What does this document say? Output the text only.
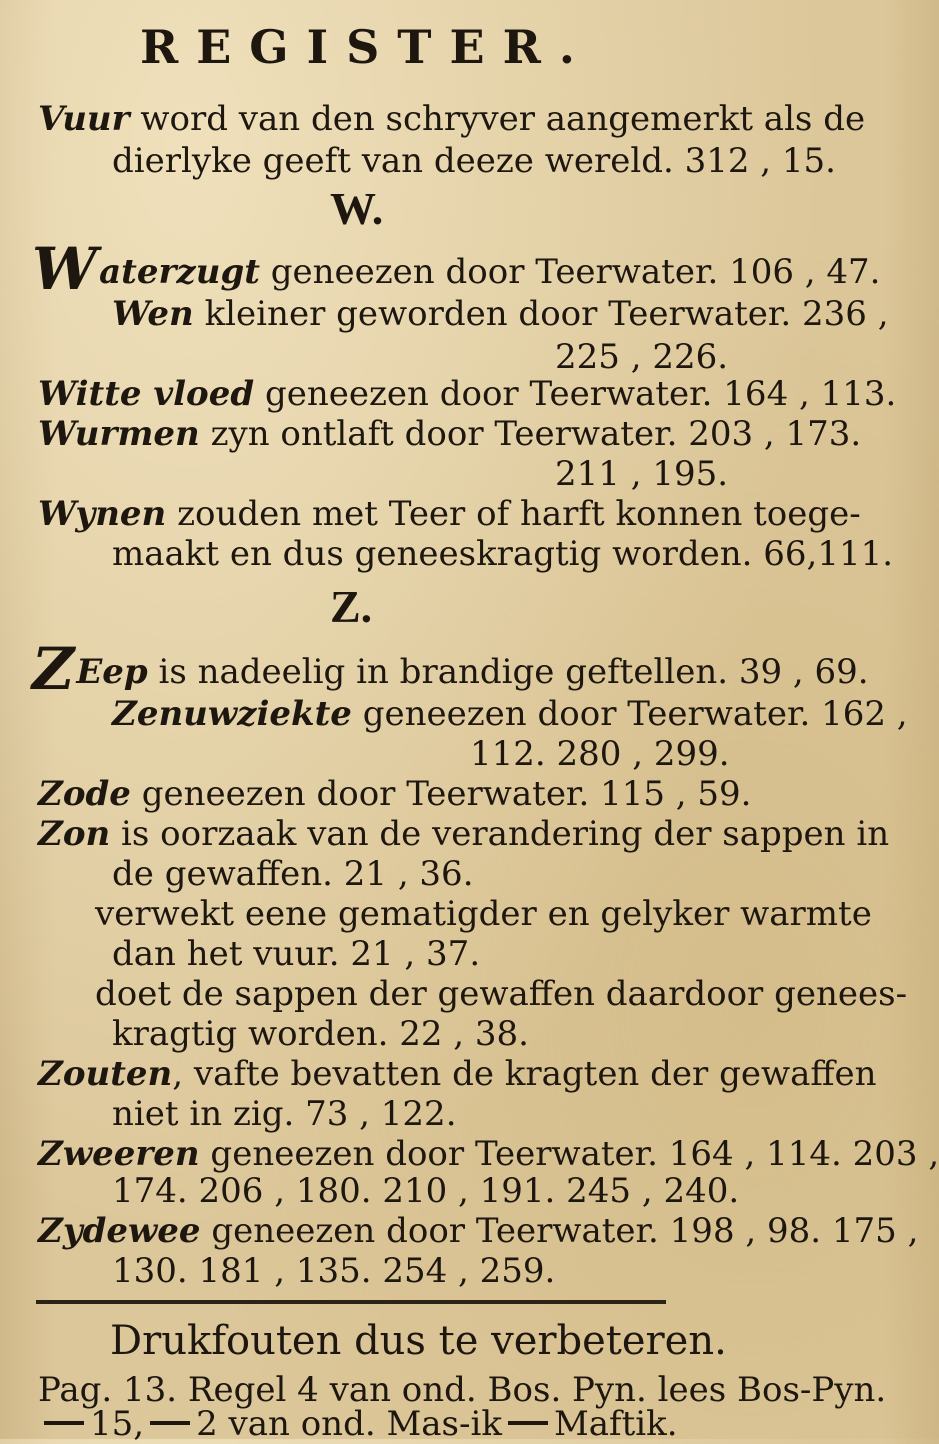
REGISTER.
Vuur word van den schryver aangemerkt als de
dierlyke geeft van deeze wereld. 312 , 15.
W.
Waterzugt geneezen door Teerwater. 106 , 47.
Wen kleiner geworden door Teerwater. 236 ,
225 , 226.
Witte vloed geneezen door Teerwater. 164 , 113.
Wurmen zyn ontlaft door Teerwater. 203 , 173.
211 , 195.
Wynen zouden met Teer of harft konnen toege-
maakt en dus geneeskragtig worden. 66,111.
Z.
ZEep is nadeelig in brandige geftellen. 39 , 69.
Zenuwziekte geneezen door Teerwater. 162 ,
112. 280 , 299.
Zode geneezen door Teerwater. 115 , 59.
Zon is oorzaak van de verandering der sappen in
de gewaffen. 21 , 36.
verwekt eene gematigder en gelyker warmte
dan het vuur. 21 , 37.
doet de sappen der gewaffen daardoor genees-
kragtig worden. 22 , 38.
Zouten, vafte bevatten de kragten der gewaffen
niet in zig. 73 , 122.
Zweeren geneezen door Teerwater. 164 , 114. 203 ,
174. 206 , 180. 210 , 191. 245 , 240.
Zydewee geneezen door Teerwater. 198 , 98. 175 ,
130. 181 , 135. 254 , 259.
Drukfouten dus te verbeteren.
Pag. 13. Regel 4 van ond. Bos. Pyn. lees Bos-Pyn.
15, 2 van ond. Mas-ik Maftik.
